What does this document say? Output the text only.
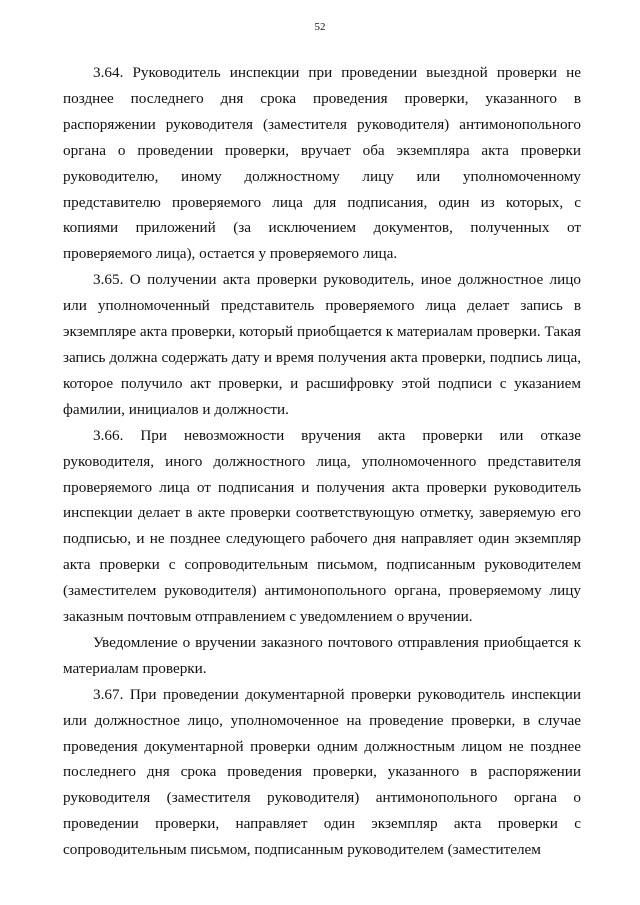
52

3.64. Руководитель инспекции при проведении выездной проверки не позднее последнего дня срока проведения проверки, указанного в распоряжении руководителя (заместителя руководителя) антимонопольного органа о проведении проверки, вручает оба экземпляра акта проверки руководителю, иному должностному лицу или уполномоченному представителю проверяемого лица для подписания, один из которых, с копиями приложений (за исключением документов, полученных от проверяемого лица), остается у проверяемого лица.

3.65. О получении акта проверки руководитель, иное должностное лицо или уполномоченный представитель проверяемого лица делает запись в экземпляре акта проверки, который приобщается к материалам проверки. Такая запись должна содержать дату и время получения акта проверки, подпись лица, которое получило акт проверки, и расшифровку этой подписи с указанием фамилии, инициалов и должности.

3.66. При невозможности вручения акта проверки или отказе руководителя, иного должностного лица, уполномоченного представителя проверяемого лица от подписания и получения акта проверки руководитель инспекции делает в акте проверки соответствующую отметку, заверяемую его подписью, и не позднее следующего рабочего дня направляет один экземпляр акта проверки с сопроводительным письмом, подписанным руководителем (заместителем руководителя) антимонопольного органа, проверяемому лицу заказным почтовым отправлением с уведомлением о вручении.

Уведомление о вручении заказного почтового отправления приобщается к материалам проверки.

3.67. При проведении документарной проверки руководитель инспекции или должностное лицо, уполномоченное на проведение проверки, в случае проведения документарной проверки одним должностным лицом не позднее последнего дня срока проведения проверки, указанного в распоряжении руководителя (заместителя руководителя) антимонопольного органа о проведении проверки, направляет один экземпляр акта проверки с сопроводительным письмом, подписанным руководителем (заместителем
